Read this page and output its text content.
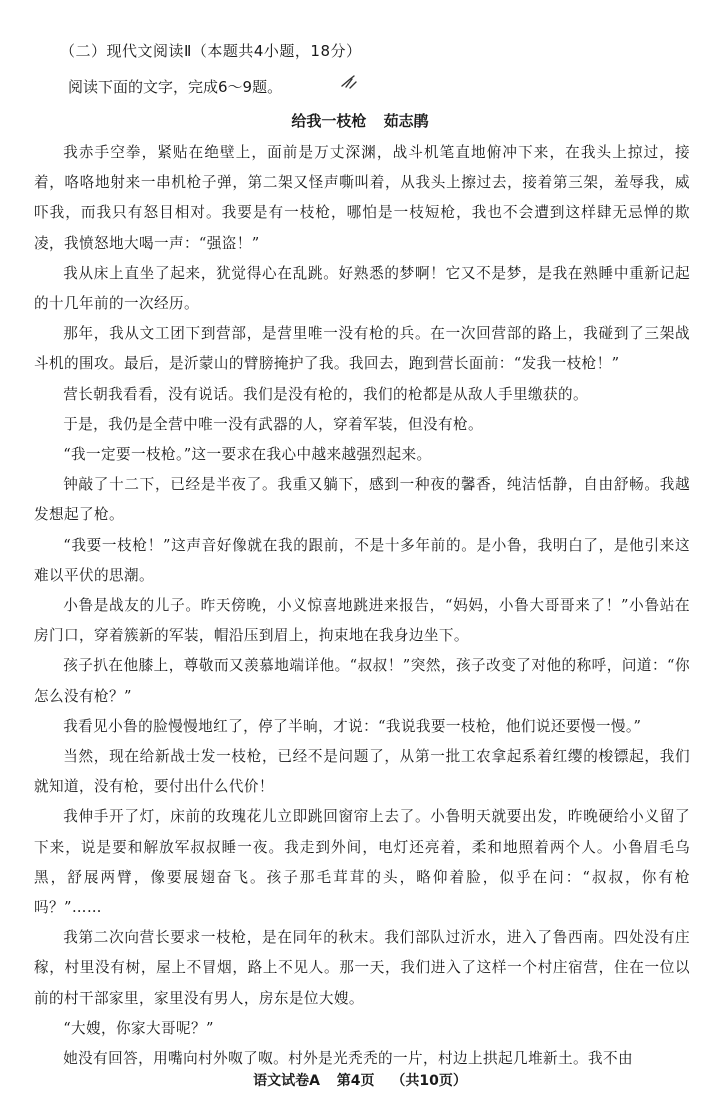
（二）现代文阅读Ⅱ（本题共4小题，18分）
阅读下面的文字，完成6～9题。
给我一枝枪 茹志鹃

我赤手空拳，紧贴在绝壁上，面前是万丈深渊，战斗机笔直地俯冲下来，在我头上掠过，接着，咯咯地射来一串机枪子弹，第二架又怪声嘶叫着，从我头上擦过去，接着第三架，羞辱我，威吓我，而我只有怒目相对。我要是有一枝枪，哪怕是一枝短枪，我也不会遭到这样肆无忌惮的欺凌，我愤怒地大喝一声：“强盗！”

我从床上直坐了起来，犹觉得心在乱跳。好熟悉的梦啊！它又不是梦，是我在熟睡中重新记起的十几年前的一次经历。

那年，我从文工团下到营部，是营里唯一没有枪的兵。在一次回营部的路上，我碰到了三架战斗机的围攻。最后，是沂蒙山的臂膀掩护了我。我回去，跑到营长面前：“发我一枝枪！”

营长朝我看看，没有说话。我们是没有枪的，我们的枪都是从敌人手里缴获的。

于是，我仍是全营中唯一没有武器的人，穿着军装，但没有枪。

“我一定要一枝枪。”这一要求在我心中越来越强烈起来。

钟敲了十二下，已经是半夜了。我重又躺下，感到一种夜的馨香，纯洁恬静，自由舒畅。我越发想起了枪。

“我要一枝枪！”这声音好像就在我的跟前，不是十多年前的。是小鲁，我明白了，是他引来这难以平伏的思潮。

小鲁是战友的儿子。昨天傍晚，小义惊喜地跳进来报告，“妈妈，小鲁大哥哥来了！”小鲁站在房门口，穿着簇新的军装，帽沿压到眉上，拘束地在我身边坐下。

孩子扒在他膝上，尊敬而又羡慕地端详他。“叔叔！”突然，孩子改变了对他的称呼，问道：“你怎么没有枪？”

我看见小鲁的脸慢慢地红了，停了半晌，才说：“我说我要一枝枪，他们说还要慢一慢。”

当然，现在给新战士发一枝枪，已经不是问题了，从第一批工农拿起系着红缨的梭镖起，我们就知道，没有枪，要付出什么代价！

我伸手开了灯，床前的玫瑰花儿立即跳回窗帘上去了。小鲁明天就要出发，昨晚硬给小义留了下来，说是要和解放军叔叔睡一夜。我走到外间，电灯还亮着，柔和地照着两个人。小鲁眉毛乌黑，舒展两臂，像要展翅奋飞。孩子那毛茸茸的头，略仰着脸，似乎在问：“叔叔，你有枪吗？”……

我第二次向营长要求一枝枪，是在同年的秋末。我们部队过沂水，进入了鲁西南。四处没有庄稼，村里没有树，屋上不冒烟，路上不见人。那一天，我们进入了这样一个村庄宿营，住在一位以前的村干部家里，家里没有男人，房东是位大嫂。

“大嫂，你家大哥呢？”

她没有回答，用嘴向村外呶了呶。村外是光秃秃的一片，村边上拱起几堆新土。我不由

语文试卷A 第4页 （共10页）
